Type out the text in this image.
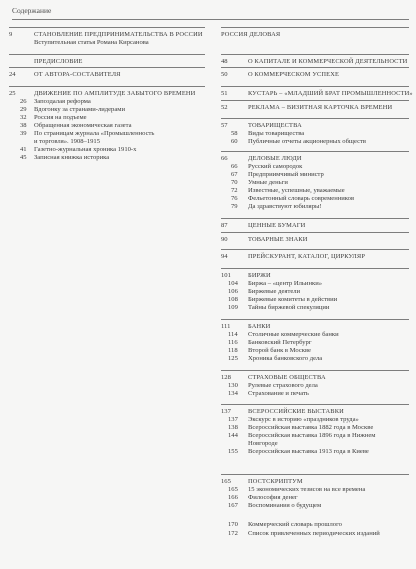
Содержание
9	СТАНОВЛЕНИЕ ПРЕДПРИНИМАТЕЛЬСТВА В РОССИИ
Вступительная статья Романа Кирсанова
ПРЕДИСЛОВИЕ
24	ОТ АВТОРА-СОСТАВИТЕЛЯ
25	ДВИЖЕНИЕ ПО АМПЛИТУДЕ ЗАБЫТОГО ВРЕМЕНИ
26 Запоздалая реформа
29 Вдогонку за странами-лидерами
32 Россия на подъеме
38 Обращенная экономическая газета
39 По страницам журнала «Промышленность
и торговля». 1908–1915
41 Газетно-журнальная хроника 1910-х
45 Записная книжка историка
РОССИЯ ДЕЛОВАЯ
48	О КАПИТАЛЕ И КОММЕРЧЕСКОЙ ДЕЯТЕЛЬНОСТИ
50	О КОММЕРЧЕСКОМ УСПЕХЕ
51	КУСТАРЬ – «МЛАДШИЙ БРАТ ПРОМЫШЛЕННОСТИ»
52	РЕКЛАМА – ВИЗИТНАЯ КАРТОЧКА ВРЕМЕНИ
57	ТОВАРИЩЕСТВА
58 Виды товарищества
60 Публичные отчеты акционерных обществ
66	ДЕЛОВЫЕ ЛЮДИ
66 Русский самородок
67 Предприимчивый министр
70 Умные деньги
72 Известные, успешные, уважаемые
76 Фельетонный словарь современников
79 Да здравствуют юбиляры!
87	ЦЕННЫЕ БУМАГИ
90	ТОВАРНЫЕ ЗНАКИ
94	ПРЕЙСКУРАНТ, КАТАЛОГ, ЦИРКУЛЯР
101	БИРЖИ
104 Биржа – «центр Ильинки»
106 Биржевые деятели
108 Биржевые комитеты в действии
109 Тайны биржевой спекуляции
111	БАНКИ
114 Столичные коммерческие банки
116 Банковский Петербург
118 Второй банк в Москве
125 Хроника банковского дела
128	СТРАХОВЫЕ ОБЩЕСТВА
130 Рулевые страхового дела
134 Страхование и печать
137	ВСЕРОССИЙСКИЕ ВЫСТАВКИ
137 Экскурс в историю «праздников труда»
138 Всероссийская выставка 1882 года в Москве
144 Всероссийская выставка 1896 года в Нижнем
Новгороде
155 Всероссийская выставка 1913 года в Киеве
165	ПОСТСКРИПТУМ
165 15 экономических тезисов на все времена
166 Философия денег
167 Воспоминания о будущем
170 Коммерческий словарь прошлого
172 Список привлеченных периодических изданий
